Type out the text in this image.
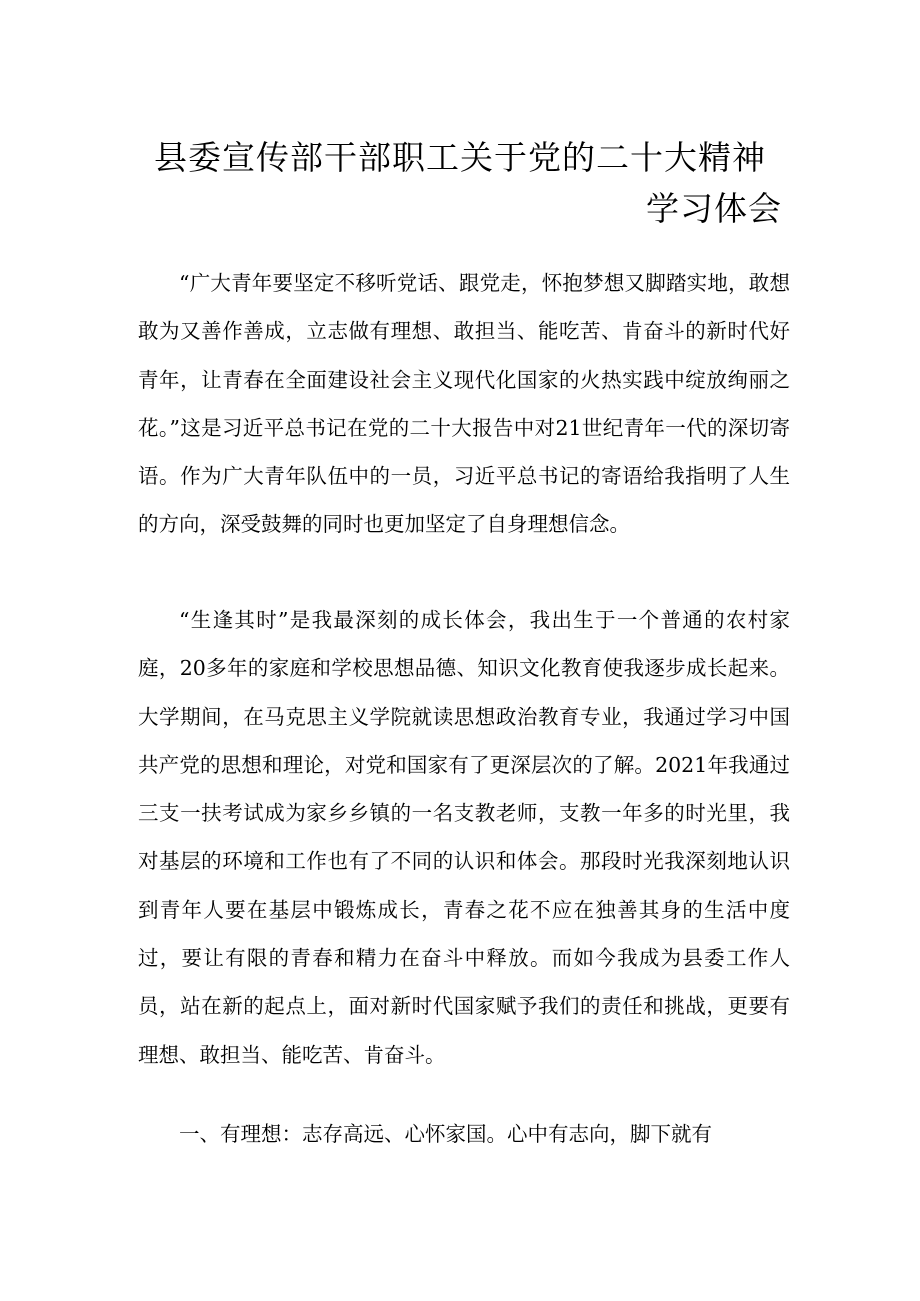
县委宣传部干部职工关于党的二十大精神
学习体会

“广大青年要坚定不移听党话、跟党走，怀抱梦想又脚踏实地，敢想敢为又善作善成，立志做有理想、敢担当、能吃苦、肯奋斗的新时代好青年，让青春在全面建设社会主义现代化国家的火热实践中绽放绚丽之花。”这是习近平总书记在党的二十大报告中对21世纪青年一代的深切寄语。作为广大青年队伍中的一员，习近平总书记的寄语给我指明了人生的方向，深受鼓舞的同时也更加坚定了自身理想信念。

“生逢其时”是我最深刻的成长体会，我出生于一个普通的农村家庭，20多年的家庭和学校思想品德、知识文化教育使我逐步成长起来。大学期间，在马克思主义学院就读思想政治教育专业，我通过学习中国共产党的思想和理论，对党和国家有了更深层次的了解。2021年我通过三支一扶考试成为家乡乡镇的一名支教老师，支教一年多的时光里，我对基层的环境和工作也有了不同的认识和体会。那段时光我深刻地认识到青年人要在基层中锻炼成长，青春之花不应在独善其身的生活中度过，要让有限的青春和精力在奋斗中释放。而如今我成为县委工作人员，站在新的起点上，面对新时代国家赋予我们的责任和挑战，更要有理想、敢担当、能吃苦、肯奋斗。

一、有理想：志存高远、心怀家国。心中有志向，脚下就有
